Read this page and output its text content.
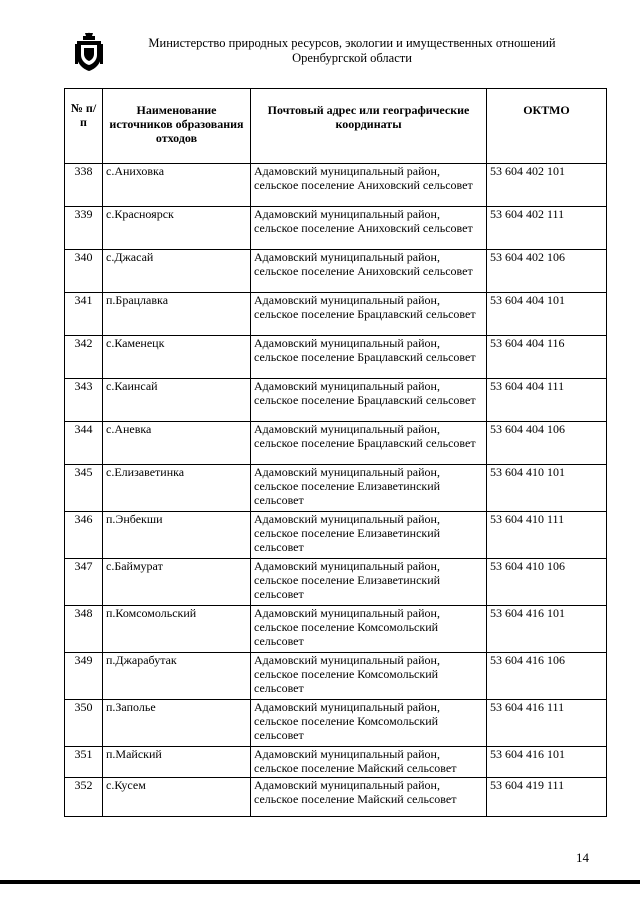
Министерство природных ресурсов, экологии и имущественных отношений
Оренбургской области
№ п/п	Наименование источников образования отходов	Почтовый адрес или географические координаты	ОКТМО
338	с.Аниховка	Адамовский муниципальный район, сельское поселение Аниховский сельсовет	53 604 402 101
339	с.Красноярск	Адамовский муниципальный район, сельское поселение Аниховский сельсовет	53 604 402 111
340	с.Джасай	Адамовский муниципальный район, сельское поселение Аниховский сельсовет	53 604 402 106
341	п.Брацлавка	Адамовский муниципальный район, сельское поселение Брацлавский сельсовет	53 604 404 101
342	с.Каменецк	Адамовский муниципальный район, сельское поселение Брацлавский сельсовет	53 604 404 116
343	с.Каинсай	Адамовский муниципальный район, сельское поселение Брацлавский сельсовет	53 604 404 111
344	с.Аневка	Адамовский муниципальный район, сельское поселение Брацлавский сельсовет	53 604 404 106
345	с.Елизаветинка	Адамовский муниципальный район, сельское поселение Елизаветинский сельсовет	53 604 410 101
346	п.Энбекши	Адамовский муниципальный район, сельское поселение Елизаветинский сельсовет	53 604 410 111
347	с.Баймурат	Адамовский муниципальный район, сельское поселение Елизаветинский сельсовет	53 604 410 106
348	п.Комсомольский	Адамовский муниципальный район, сельское поселение Комсомольский сельсовет	53 604 416 101
349	п.Джарабутак	Адамовский муниципальный район, сельское поселение Комсомольский сельсовет	53 604 416 106
350	п.Заполье	Адамовский муниципальный район, сельское поселение Комсомольский сельсовет	53 604 416 111
351	п.Майский	Адамовский муниципальный район, сельское поселение Майский сельсовет	53 604 416 101
352	с.Кусем	Адамовский муниципальный район, сельское поселение Майский сельсовет	53 604 419 111
14
